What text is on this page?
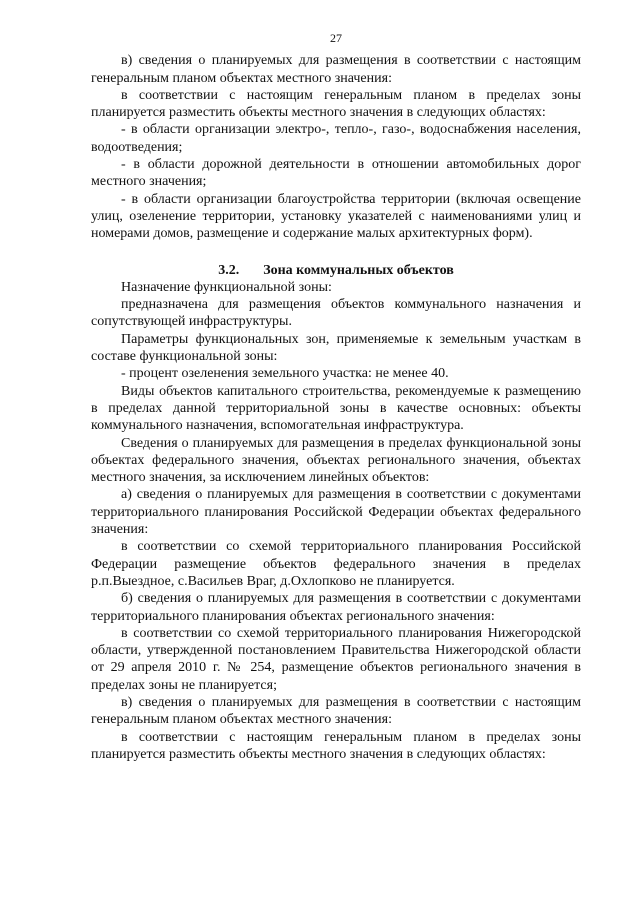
27

в) сведения о планируемых для размещения в соответствии с настоящим генеральным планом объектах местного значения:

в соответствии с настоящим генеральным планом в пределах зоны планируется разместить объекты местного значения в следующих областях:

- в области организации электро-, тепло-, газо-, водоснабжения населения, водоотведения;

- в области дорожной деятельности в отношении автомобильных дорог местного значения;

- в области организации благоустройства территории (включая освещение улиц, озеленение территории, установку указателей с наименованиями улиц и номерами домов, размещение и содержание малых архитектурных форм).

3.2. Зона коммунальных объектов

Назначение функциональной зоны:

предназначена для размещения объектов коммунального назначения и сопутствующей инфраструктуры.

Параметры функциональных зон, применяемые к земельным участкам в составе функциональной зоны:

- процент озеленения земельного участка: не менее 40.

Виды объектов капитального строительства, рекомендуемые к размещению в пределах данной территориальной зоны в качестве основных: объекты коммунального назначения, вспомогательная инфраструктура.

Сведения о планируемых для размещения в пределах функциональной зоны объектах федерального значения, объектах регионального значения, объектах местного значения, за исключением линейных объектов:

а) сведения о планируемых для размещения в соответствии с документами территориального планирования Российской Федерации объектах федерального значения:

в соответствии со схемой территориального планирования Российской Федерации размещение объектов федерального значения в пределах р.п.Выездное, с.Васильев Враг, д.Охлопково не планируется.

б) сведения о планируемых для размещения в соответствии с документами территориального планирования объектах регионального значения:

в соответствии со схемой территориального планирования Нижегородской области, утвержденной постановлением Правительства Нижегородской области от 29 апреля 2010 г. № 254, размещение объектов регионального значения в пределах зоны не планируется;

в) сведения о планируемых для размещения в соответствии с настоящим генеральным планом объектах местного значения:

в соответствии с настоящим генеральным планом в пределах зоны планируется разместить объекты местного значения в следующих областях:
